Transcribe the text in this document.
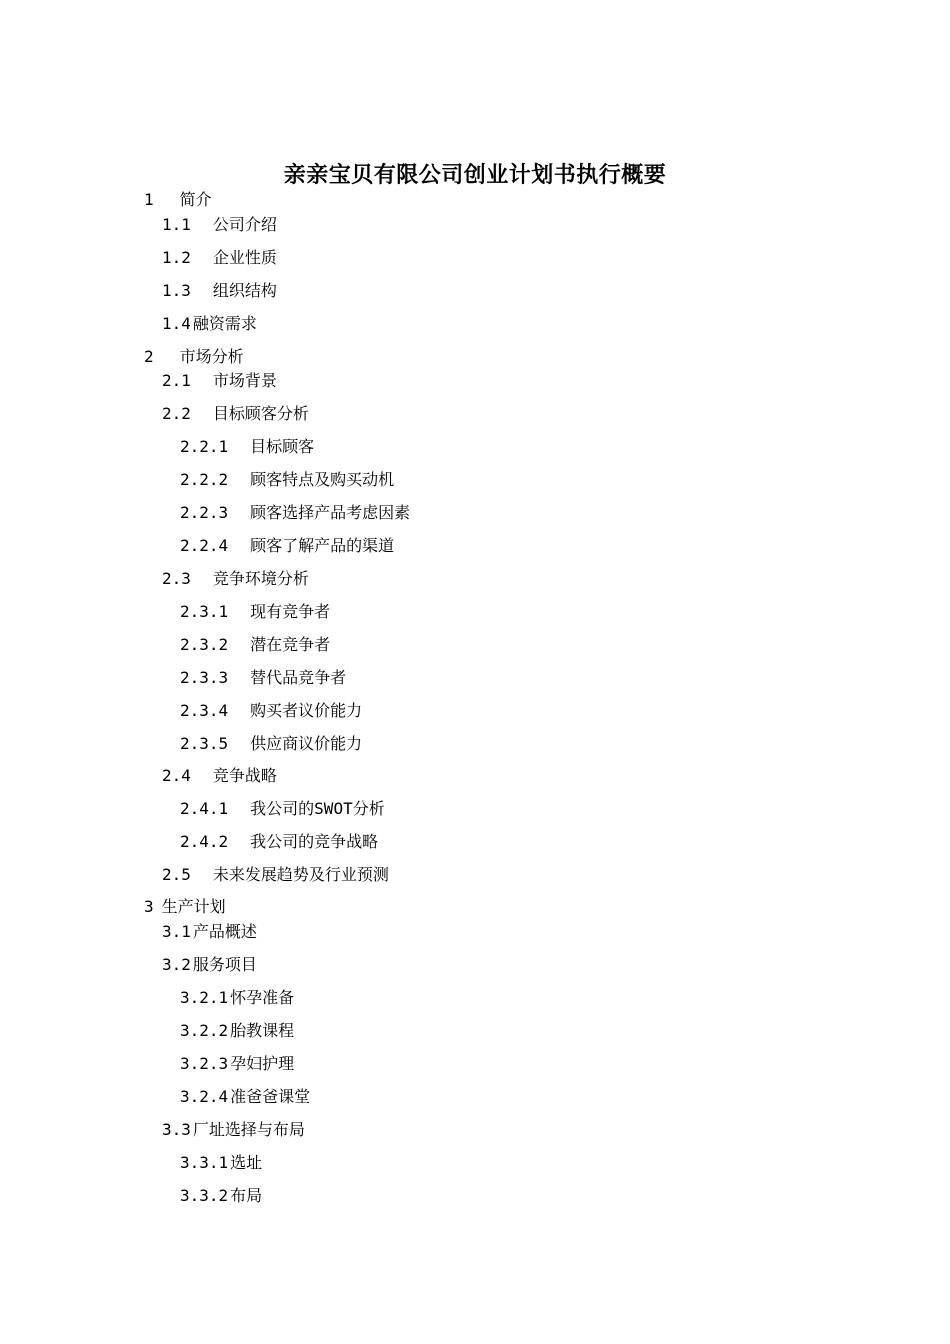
亲亲宝贝有限公司创业计划书执行概要
1 简介
1.1 公司介绍
1.2 企业性质
1.3 组织结构
1.4 融资需求
2 市场分析
2.1 市场背景
2.2 目标顾客分析
2.2.1 目标顾客
2.2.2 顾客特点及购买动机
2.2.3 顾客选择产品考虑因素
2.2.4 顾客了解产品的渠道
2.3 竞争环境分析
2.3.1 现有竞争者
2.3.2 潜在竞争者
2.3.3 替代品竞争者
2.3.4 购买者议价能力
2.3.5 供应商议价能力
2.4 竞争战略
2.4.1 我公司的SWOT分析
2.4.2 我公司的竞争战略
2.5 未来发展趋势及行业预测
3 生产计划
3.1 产品概述
3.2 服务项目
3.2.1 怀孕准备
3.2.2 胎教课程
3.2.3 孕妇护理
3.2.4 准爸爸课堂
3.3 厂址选择与布局
3.3.1 选址
3.3.2 布局
